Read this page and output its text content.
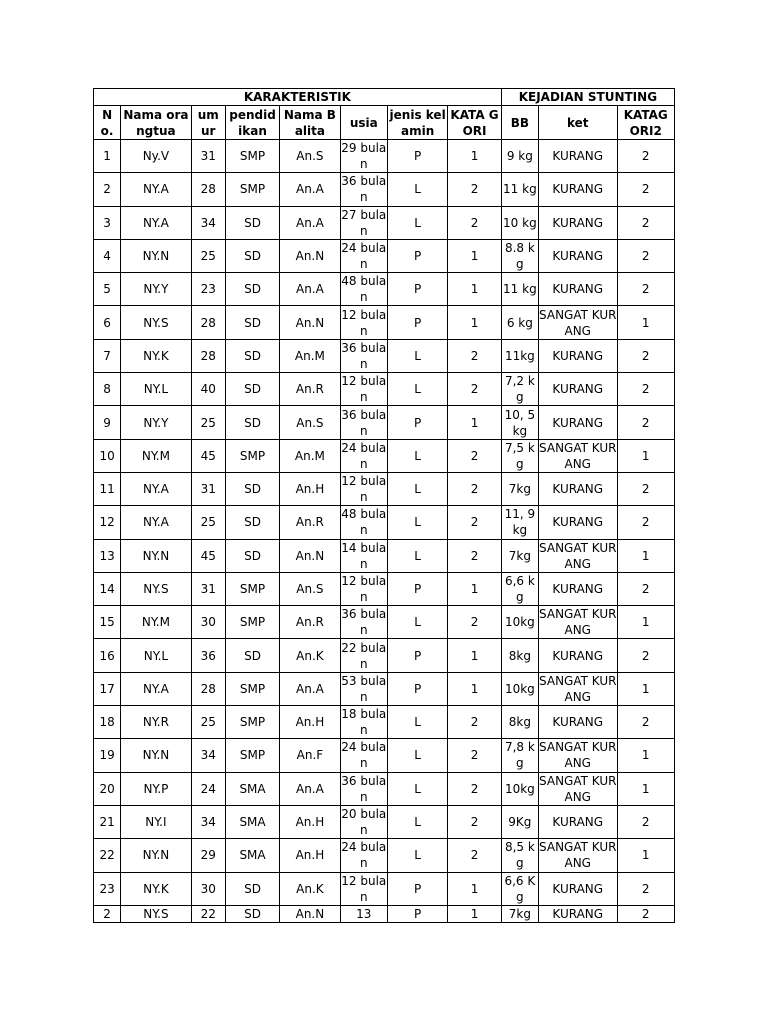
KARAKTERISTIK								KEJADIAN STUNTING		
N o.	Nama orangtua	um ur	pendid ikan	Nama Balita	usia	jenis kelamin	KATA GORI	BB	ket	KATAG ORI2
1	Ny.V	31	SMP	An.S	29 bulan	P	1	9 kg	KURANG	2
2	NY.A	28	SMP	An.A	36 bulan	L	2	11 kg	KURANG	2
3	NY.A	34	SD	An.A	27 bulan	L	2	10 kg	KURANG	2
4	NY.N	25	SD	An.N	24 bulan	P	1	8.8 kg	KURANG	2
5	NY.Y	23	SD	An.A	48 bulan	P	1	11 kg	KURANG	2
6	NY.S	28	SD	An.N	12 bulan	P	1	6 kg	SANGAT KURANG	1
7	NY.K	28	SD	An.M	36 bulan	L	2	11kg	KURANG	2
8	NY.L	40	SD	An.R	12 bulan	L	2	7,2 kg	KURANG	2
9	NY.Y	25	SD	An.S	36 bulan	P	1	10, 5kg	KURANG	2
10	NY.M	45	SMP	An.M	24 bulan	L	2	7,5 kg	SANGAT KURANG	1
11	NY.A	31	SD	An.H	12 bulan	L	2	7kg	KURANG	2
12	NY.A	25	SD	An.R	48 bulan	L	2	11, 9kg	KURANG	2
13	NY.N	45	SD	An.N	14 bulan	L	2	7kg	SANGAT KURANG	1
14	NY.S	31	SMP	An.S	12 bulan	P	1	6,6 kg	KURANG	2
15	NY.M	30	SMP	An.R	36 bulan	L	2	10kg	SANGAT KURANG	1
16	NY.L	36	SD	An.K	22 bulan	P	1	8kg	KURANG	2
17	NY.A	28	SMP	An.A	53 bulan	P	1	10kg	SANGAT KURANG	1
18	NY.R	25	SMP	An.H	18 bulan	L	2	8kg	KURANG	2
19	NY.N	34	SMP	An.F	24 bulan	L	2	7,8 kg	SANGAT KURANG	1
20	NY.P	24	SMA	An.A	36 bulan	L	2	10kg	SANGAT KURANG	1
21	NY.I	34	SMA	An.H	20 bulan	L	2	9Kg	KURANG	2
22	NY.N	29	SMA	An.H	24 bulan	L	2	8,5 kg	SANGAT KURANG	1
23	NY.K	30	SD	An.K	12 bulan	P	1	6,6 Kg	KURANG	2
2	NY.S	22	SD	An.N	13	P	1	7kg	KURANG	2
